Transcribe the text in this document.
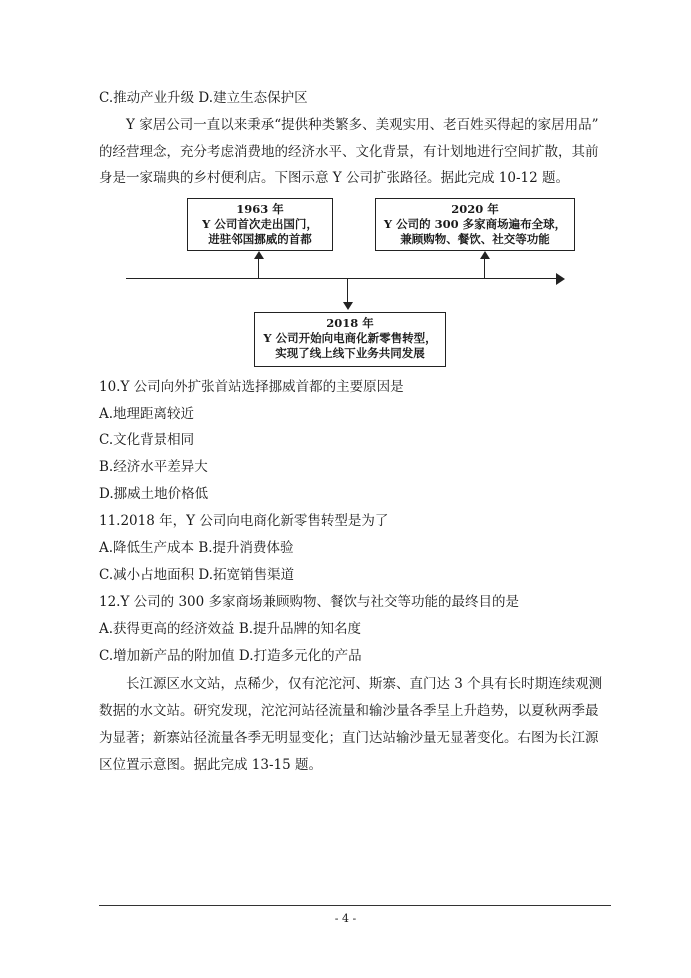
C.推动产业升级 D.建立生态保护区
Y 家居公司一直以来秉承“提供种类繁多、美观实用、老百姓买得起的家居用品”
的经营理念，充分考虑消费地的经济水平、文化背景，有计划地进行空间扩散，其前
身是一家瑞典的乡村便利店。下图示意 Y 公司扩张路径。据此完成 10-12 题。
1963 年
Y 公司首次走出国门，
进驻邻国挪威的首都
2020 年
Y 公司的 300 多家商场遍布全球，
兼顾购物、餐饮、社交等功能
2018 年
Y 公司开始向电商化新零售转型，
实现了线上线下业务共同发展
10.Y 公司向外扩张首站选择挪威首都的主要原因是
A.地理距离较近
C.文化背景相同
B.经济水平差异大
D.挪威土地价格低
11.2018 年，Y 公司向电商化新零售转型是为了
A.降低生产成本 B.提升消费体验
C.减小占地面积 D.拓宽销售渠道
12.Y 公司的 300 多家商场兼顾购物、餐饮与社交等功能的最终目的是
A.获得更高的经济效益 B.提升品牌的知名度
C.增加新产品的附加值 D.打造多元化的产品
长江源区水文站，点稀少，仅有沱沱河、斯寨、直门达 3 个具有长时期连续观测
数据的水文站。研究发现，沱沱河站径流量和输沙量各季呈上升趋势，以夏秋两季最
为显著；新寨站径流量各季无明显变化；直门达站输沙量无显著变化。右图为长江源
区位置示意图。据此完成 13-15 题。
- 4 -
